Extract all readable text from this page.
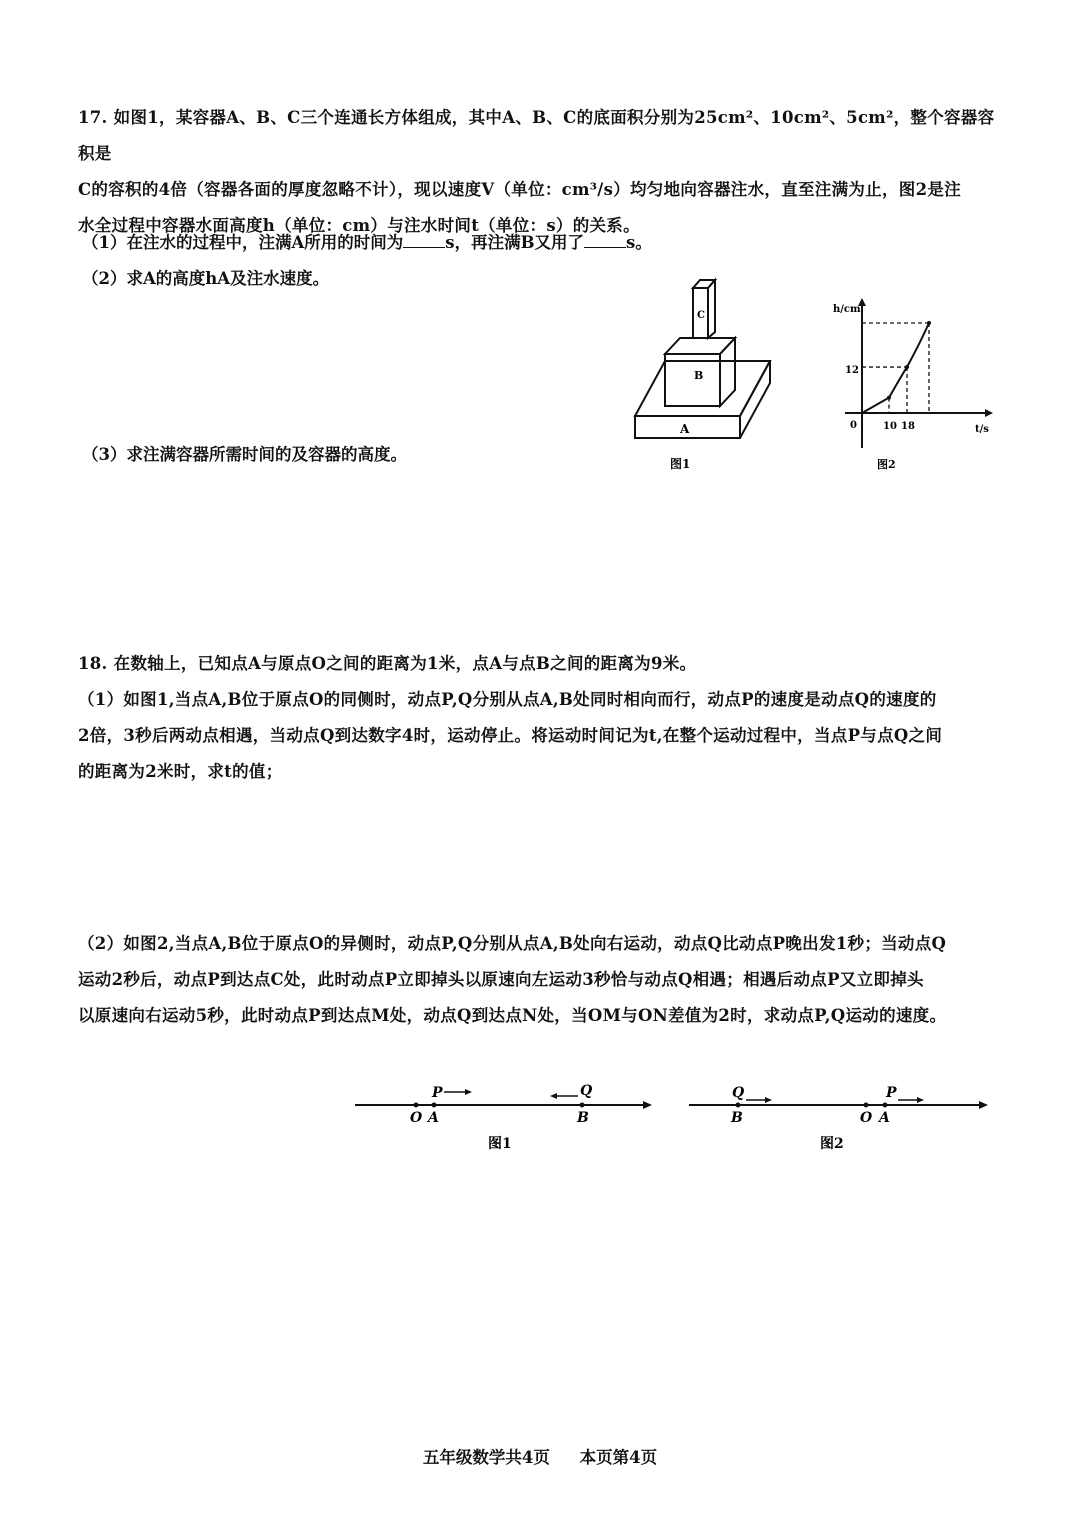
17. 如图1，某容器A、B、C三个连通长方体组成，其中A、B、C的底面积分别为25cm²、10cm²、5cm²，整个容器容积是
C的容积的4倍（容器各面的厚度忽略不计），现以速度V（单位：cm³/s）均匀地向容器注水，直至注满为止，图2是注
水全过程中容器水面高度h（单位：cm）与注水时间t（单位：s）的关系。
（1）在注水的过程中，注满A所用的时间为	s，再注满B又用了	s。
（2）求A的高度hA及注水速度。
（3）求注满容器所需时间的及容器的高度。
B
C
A
图1
h/cm
t/s
0
12
10 18
图2
18. 在数轴上，已知点A与原点O之间的距离为1米，点A与点B之间的距离为9米。
（1）如图1,当点A,B位于原点O的同侧时，动点P,Q分别从点A,B处同时相向而行，动点P的速度是动点Q的速度的
2倍，3秒后两动点相遇，当动点Q到达数字4时，运动停止。将运动时间记为t,在整个运动过程中，当点P与点Q之间
的距离为2米时，求t的值；
（2）如图2,当点A,B位于原点O的异侧时，动点P,Q分别从点A,B处向右运动，动点Q比动点P晚出发1秒；当动点Q
运动2秒后，动点P到达点C处，此时动点P立即掉头以原速向左运动3秒恰与动点Q相遇；相遇后动点P又立即掉头
以原速向右运动5秒，此时动点P到达点M处，动点Q到达点N处，当OM与ON差值为2时，求动点P,Q运动的速度。
O A	B
P	Q
图1
B	O A
Q	P
图2
五年级数学共4页 本页第4页
